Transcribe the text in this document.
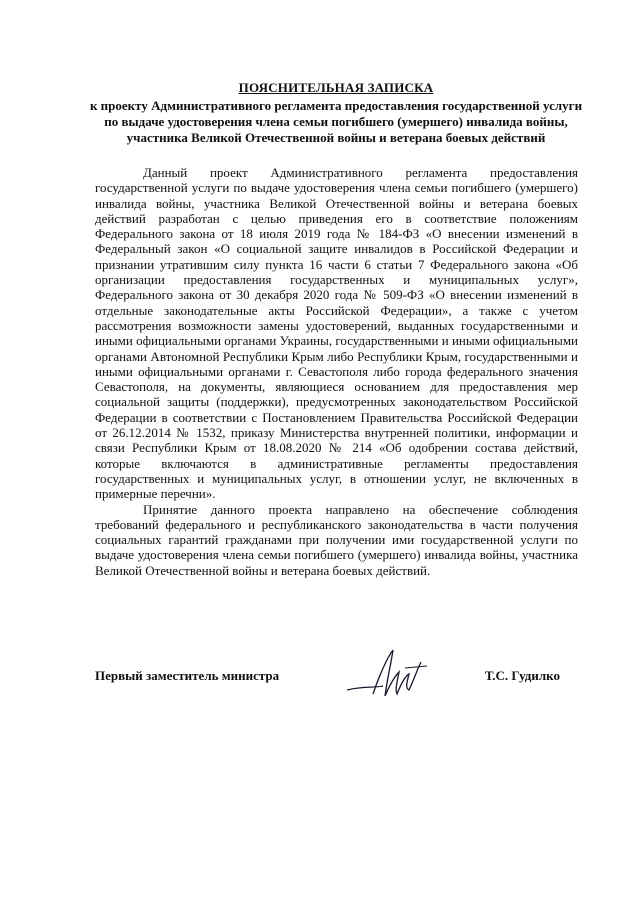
ПОЯСНИТЕЛЬНАЯ ЗАПИСКА
к проекту Административного регламента предоставления государственной услуги по выдаче удостоверения члена семьи погибшего (умершего) инвалида войны, участника Великой Отечественной войны и ветерана боевых действий

Данный проект Административного регламента предоставления государственной услуги по выдаче удостоверения члена семьи погибшего (умершего) инвалида войны, участника Великой Отечественной войны и ветерана боевых действий разработан с целью приведения его в соответствие положениям Федерального закона от 18 июля 2019 года № 184-ФЗ «О внесении изменений в Федеральный закон «О социальной защите инвалидов в Российской Федерации и признании утратившим силу пункта 16 части 6 статьи 7 Федерального закона «Об организации предоставления государственных и муниципальных услуг», Федерального закона от 30 декабря 2020 года № 509-ФЗ «О внесении изменений в отдельные законодательные акты Российской Федерации», а также с учетом рассмотрения возможности замены удостоверений, выданных государственными и иными официальными органами Украины, государственными и иными официальными органами Автономной Республики Крым либо Республики Крым, государственными и иными официальными органами г. Севастополя либо города федерального значения Севастополя, на документы, являющиеся основанием для предоставления мер социальной защиты (поддержки), предусмотренных законодательством Российской Федерации в соответствии с Постановлением Правительства Российской Федерации от 26.12.2014 № 1532, приказу Министерства внутренней политики, информации и связи Республики Крым от 18.08.2020 № 214 «Об одобрении состава действий, которые включаются в административные регламенты предоставления государственных и муниципальных услуг, в отношении услуг, не включенных в примерные перечни».

Принятие данного проекта направлено на обеспечение соблюдения требований федерального и республиканского законодательства в части получения социальных гарантий гражданами при получении ими государственной услуги по выдаче удостоверения члена семьи погибшего (умершего) инвалида войны, участника Великой Отечественной войны и ветерана боевых действий.

Первый заместитель министра	Т.С. Гудилко
